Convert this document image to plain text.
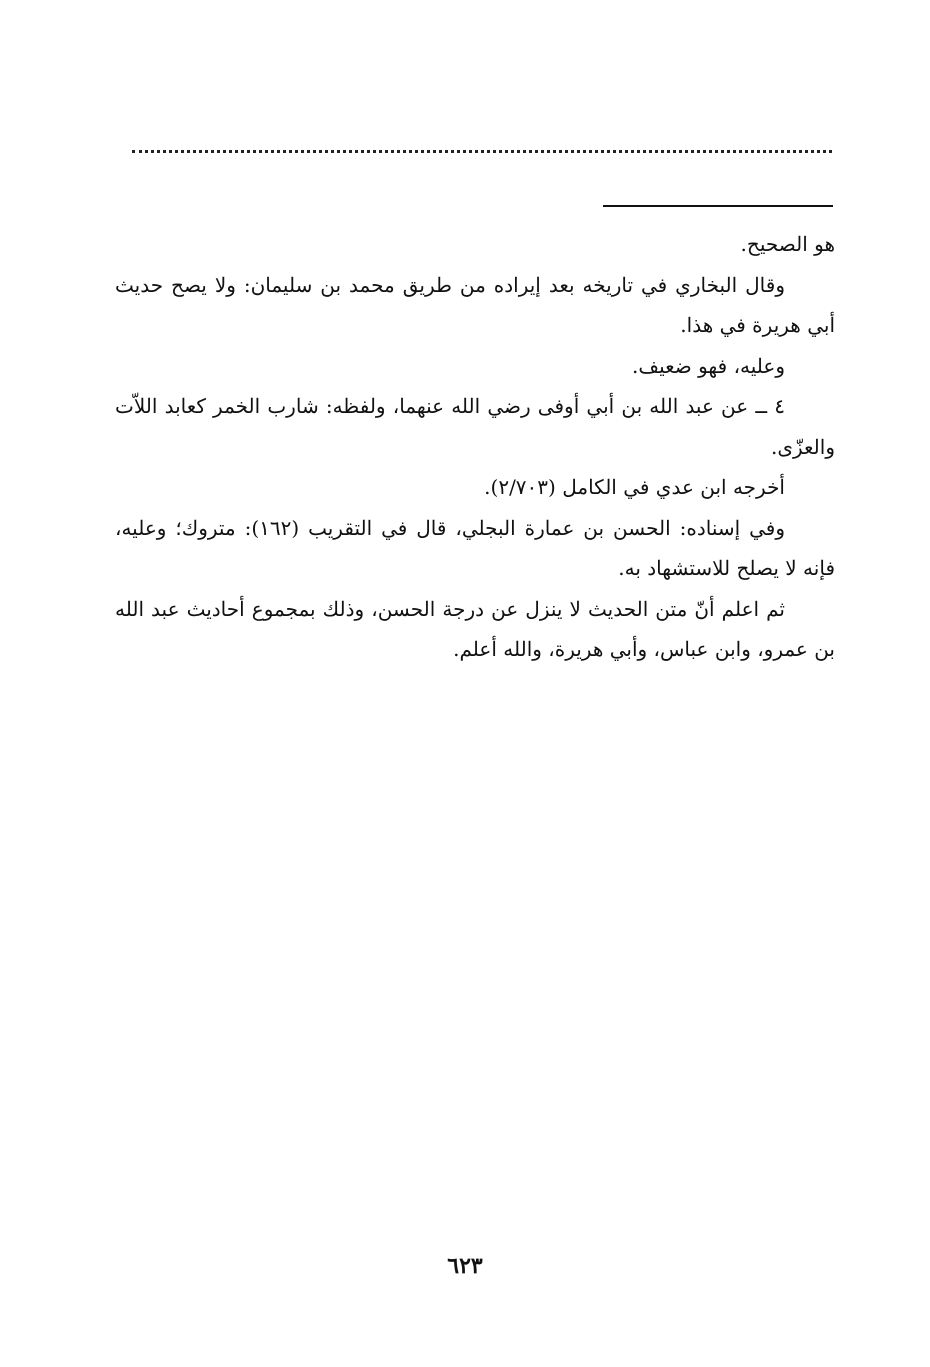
هو الصحيح.

وقال البخاري في تاريخه بعد إيراده من طريق محمد بن سليمان: ولا يصح حديث أبي هريرة في هذا.

وعليه، فهو ضعيف.

٤ ــ عن عبد الله بن أبي أوفى رضي الله عنهما، ولفظه: شارب الخمر كعابد اللاّت والعزّى.

أخرجه ابن عدي في الكامل (٢/٧٠٣).

وفي إسناده: الحسن بن عمارة البجلي، قال في التقريب (١٦٢): متروك؛ وعليه، فإنه لا يصلح للاستشهاد به.

ثم اعلم أنّ متن الحديث لا ينزل عن درجة الحسن، وذلك بمجموع أحاديث عبد الله بن عمرو، وابن عباس، وأبي هريرة، والله أعلم.

٦٢٣
